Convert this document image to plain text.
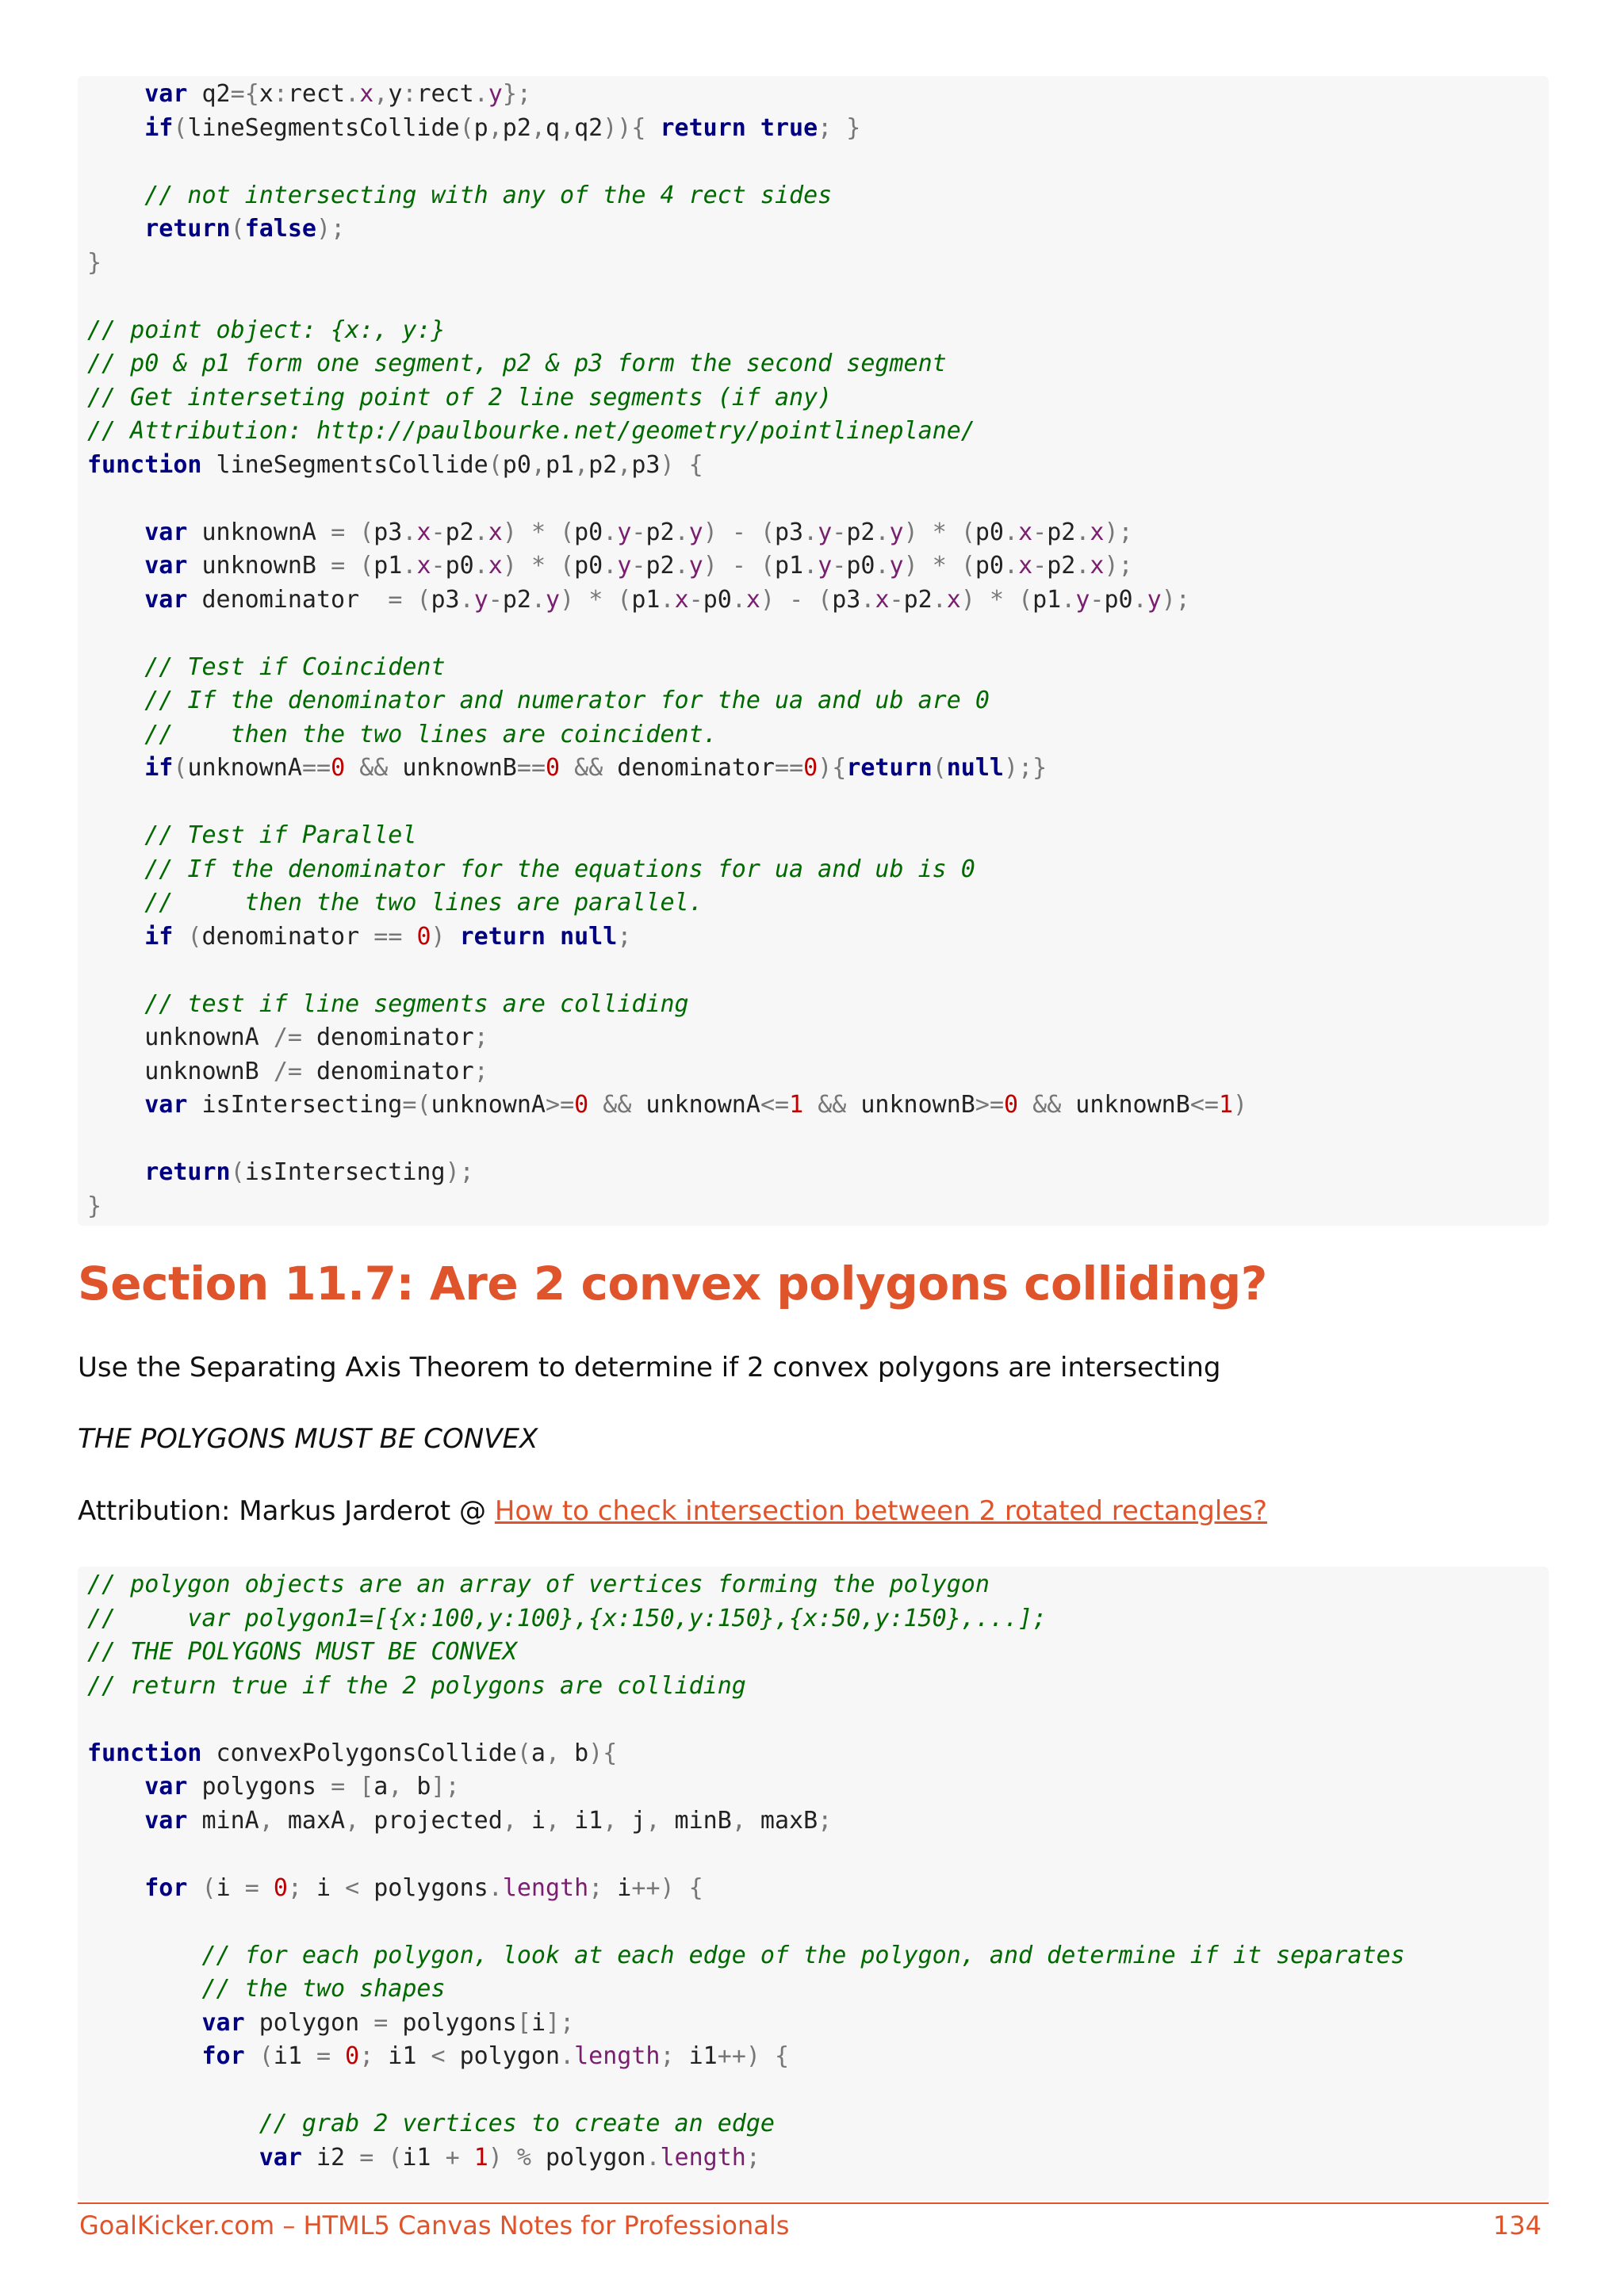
var q2={x:rect.x,y:rect.y};
if(lineSegmentsCollide(p,p2,q,q2)){ return true; }

// not intersecting with any of the 4 rect sides
return(false);
}

// point object: {x:, y:}
// p0 & p1 form one segment, p2 & p3 form the second segment
// Get interseting point of 2 line segments (if any)
// Attribution: http://paulbourke.net/geometry/pointlineplane/
function lineSegmentsCollide(p0,p1,p2,p3) {

var unknownA = (p3.x-p2.x) * (p0.y-p2.y) - (p3.y-p2.y) * (p0.x-p2.x);
var unknownB = (p1.x-p0.x) * (p0.y-p2.y) - (p1.y-p0.y) * (p0.x-p2.x);
var denominator  = (p3.y-p2.y) * (p1.x-p0.x) - (p3.x-p2.x) * (p1.y-p0.y);

// Test if Coincident
// If the denominator and numerator for the ua and ub are 0
//    then the two lines are coincident.
if(unknownA==0 && unknownB==0 && denominator==0){return(null);}

// Test if Parallel
// If the denominator for the equations for ua and ub is 0
//     then the two lines are parallel.
if (denominator == 0) return null;

// test if line segments are colliding
unknownA /= denominator;
unknownB /= denominator;
var isIntersecting=(unknownA>=0 && unknownA<=1 && unknownB>=0 && unknownB<=1)

return(isIntersecting);
}
Section 11.7: Are 2 convex polygons colliding?

Use the Separating Axis Theorem to determine if 2 convex polygons are intersecting

THE POLYGONS MUST BE CONVEX

Attribution: Markus Jarderot @ How to check intersection between 2 rotated rectangles?

// polygon objects are an array of vertices forming the polygon
//     var polygon1=[{x:100,y:100},{x:150,y:150},{x:50,y:150},...];
// THE POLYGONS MUST BE CONVEX
// return true if the 2 polygons are colliding

function convexPolygonsCollide(a, b){
var polygons = [a, b];
var minA, maxA, projected, i, i1, j, minB, maxB;

for (i = 0; i < polygons.length; i++) {

// for each polygon, look at each edge of the polygon, and determine if it separates
// the two shapes
var polygon = polygons[i];
for (i1 = 0; i1 < polygon.length; i1++) {

// grab 2 vertices to create an edge
var i2 = (i1 + 1) % polygon.length;
GoalKicker.com – HTML5 Canvas Notes for Professionals	134
